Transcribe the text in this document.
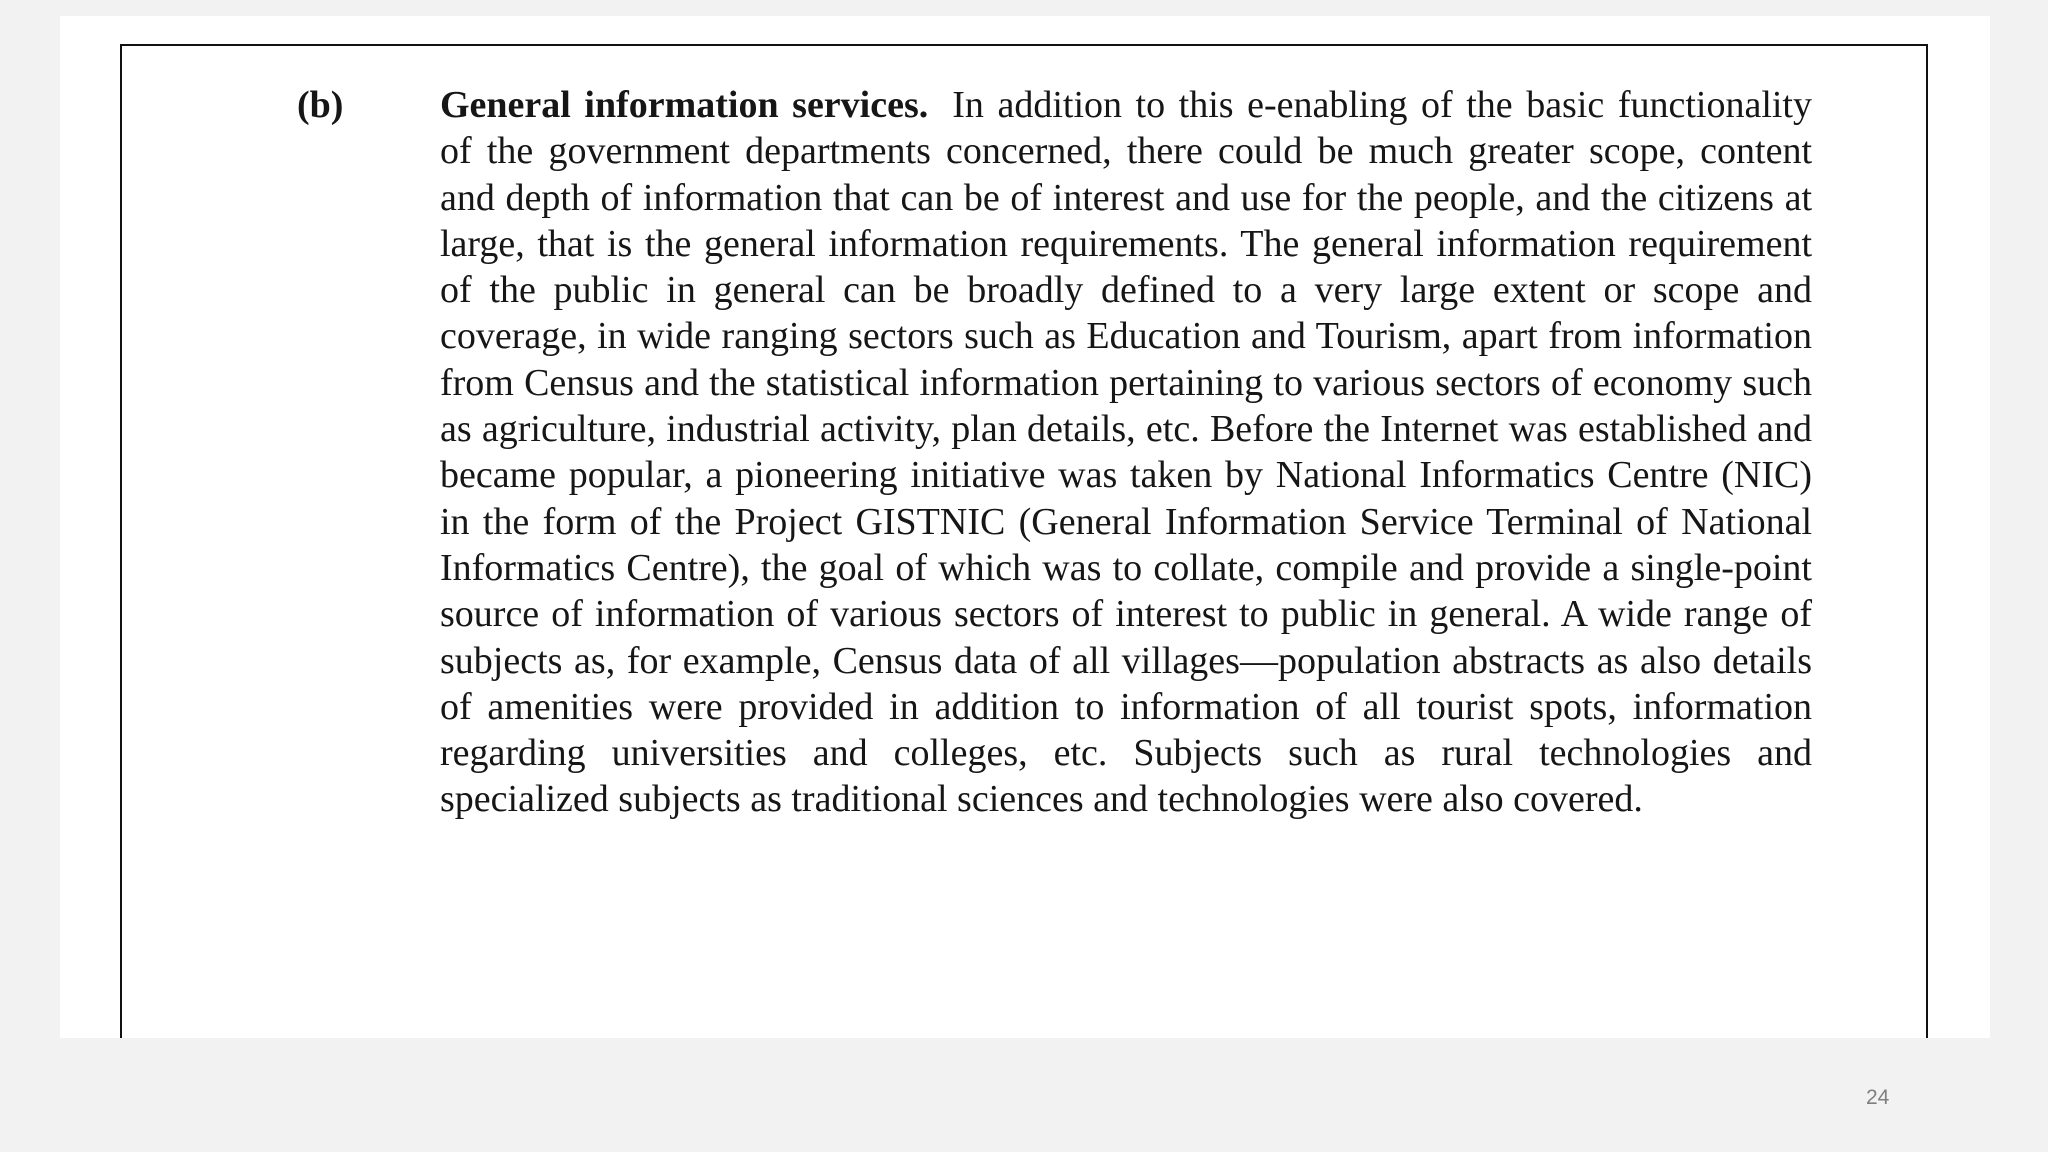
(b)	General information services. In addition to this e-enabling of the basic functionality of the government departments concerned, there could be much greater scope, content and depth of information that can be of interest and use for the people, and the citizens at large, that is the general information requirements. The general information requirement of the public in general can be broadly defined to a very large extent or scope and coverage, in wide ranging sectors such as Education and Tourism, apart from information from Census and the statistical information pertaining to various sectors of economy such as agriculture, industrial activity, plan details, etc. Before the Internet was established and became popular, a pioneering initiative was taken by National Informatics Centre (NIC) in the form of the Project GISTNIC (General Information Service Terminal of National Informatics Centre), the goal of which was to collate, compile and provide a single-point source of information of various sectors of interest to public in general. A wide range of subjects as, for example, Census data of all villages—population abstracts as also details of amenities were provided in addition to information of all tourist spots, information regarding universities and colleges, etc. Subjects such as rural technologies and specialized subjects as traditional sciences and technologies were also covered.

24
